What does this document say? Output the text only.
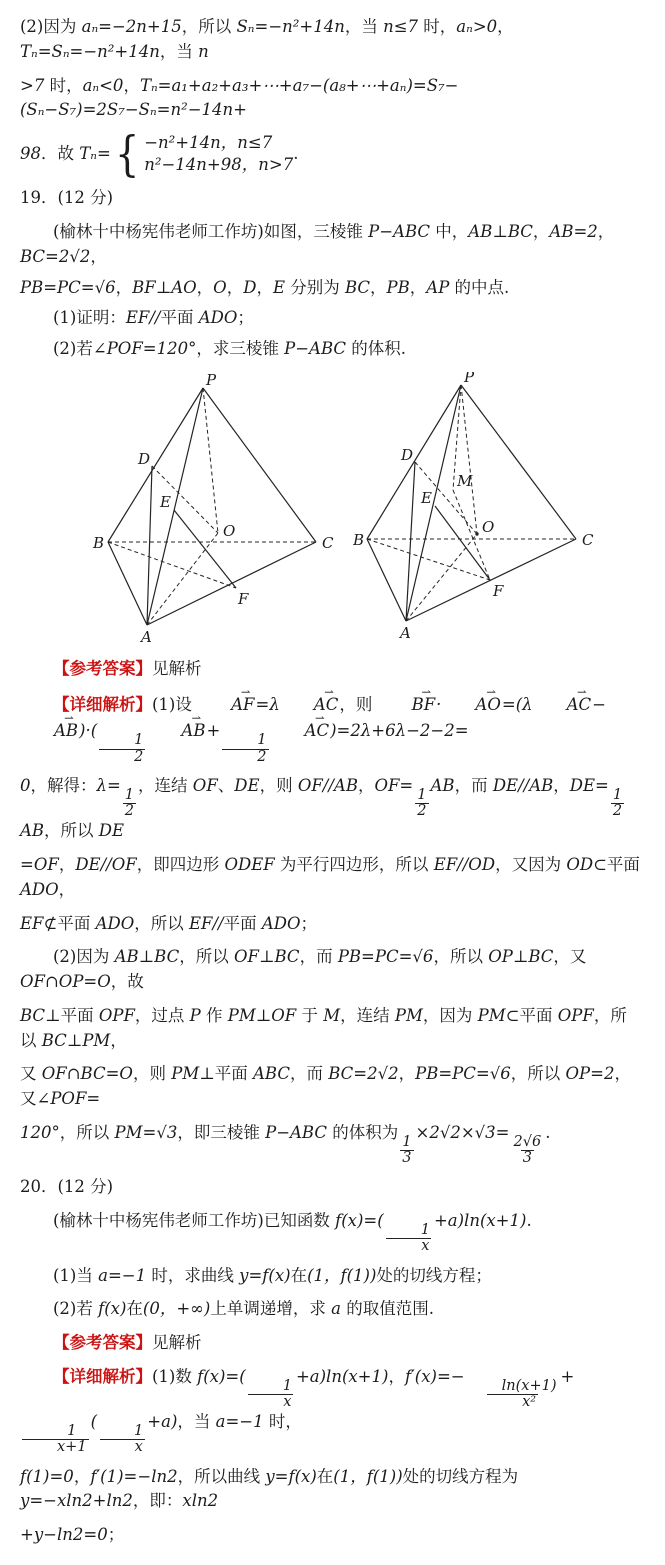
(2)因为 aₙ=−2n+15，所以 Sₙ=−n²+14n，当 n≤7 时，aₙ>0，Tₙ=Sₙ=−n²+14n，当 n

>7 时，aₙ<0，Tₙ=a₁+a₂+a₃+⋯+a₇−(a₈+⋯+aₙ)=S₇−(Sₙ−S₇)=2S₇−Sₙ=n²−14n+

98．故 Tₙ= { −n²+14n，n≤7
n²−14n+98，n>7
.

19．(12 分)

(榆林十中杨宪伟老师工作坊)如图，三棱锥 P−ABC 中，AB⊥BC，AB=2，BC=2√2，

PB=PC=√6，BF⊥AO，O，D，E 分别为 BC，PB，AP 的中点.

(1)证明：EF//平面 ADO；

(2)若∠POF=120°，求三棱锥 P−ABC 的体积.

P
D
E
B
O
C
F
A
P
D
M
E
B
O
C
F
A

【参考答案】见解析

【详细解析】(1)设 AF ⇀=λ AC ⇀，则 BF ⇀· AO ⇀=(λ AC ⇀−AB ⇀)·(
$\frac{1}{2}$
AB ⇀+
$\frac{1}{2}$
AC ⇀)=2λ+6λ−2−2=

0，解得：λ=
$\frac{1}{2}$
，连结 OF、DE，则 OF//AB，OF=
$\frac{1}{2}$
AB，而 DE//AB，DE=
$\frac{1}{2}$
AB，所以 DE

=OF，DE//OF，即四边形 ODEF 为平行四边形，所以 EF//OD，又因为 OD⊂平面 ADO，

EF⊄平面 ADO，所以 EF//平面 ADO；

(2)因为 AB⊥BC，所以 OF⊥BC，而 PB=PC=√6，所以 OP⊥BC，又 OF∩OP=O，故

BC⊥平面 OPF，过点 P 作 PM⊥OF 于 M，连结 PM，因为 PM⊂平面 OPF，所以 BC⊥PM，

又 OF∩BC=O，则 PM⊥平面 ABC，而 BC=2√2，PB=PC=√6，所以 OP=2，又∠POF=

120°，所以 PM=√3，即三棱锥 P−ABC 的体积为
$\frac{1}{3}$
×2√2×√3=
$\frac{2√6}{3}$
.

20．(12 分)

(榆林十中杨宪伟老师工作坊)已知函数 f(x)=(
$\frac{1}{x}$
+a)ln(x+1).

(1)当 a=−1 时，求曲线 y=f(x)在(1，f(1))处的切线方程；

(2)若 f(x)在(0，+∞)上单调递增，求 a 的取值范围.

【参考答案】见解析

【详细解析】(1)数 f(x)=(
$\frac{1}{x}$
+a)ln(x+1)，f′(x)=−
$\frac{\ln(x+1)}{\text{x²}}$
+
$\frac{1}{x+1}$
(
$\frac{1}{x}$
+a)，当 a=−1 时，

f(1)=0，f′(1)=−ln2，所以曲线 y=f(x)在(1，f(1))处的切线方程为 y=−xln2+ln2，即：xln2

+y−ln2=0；
